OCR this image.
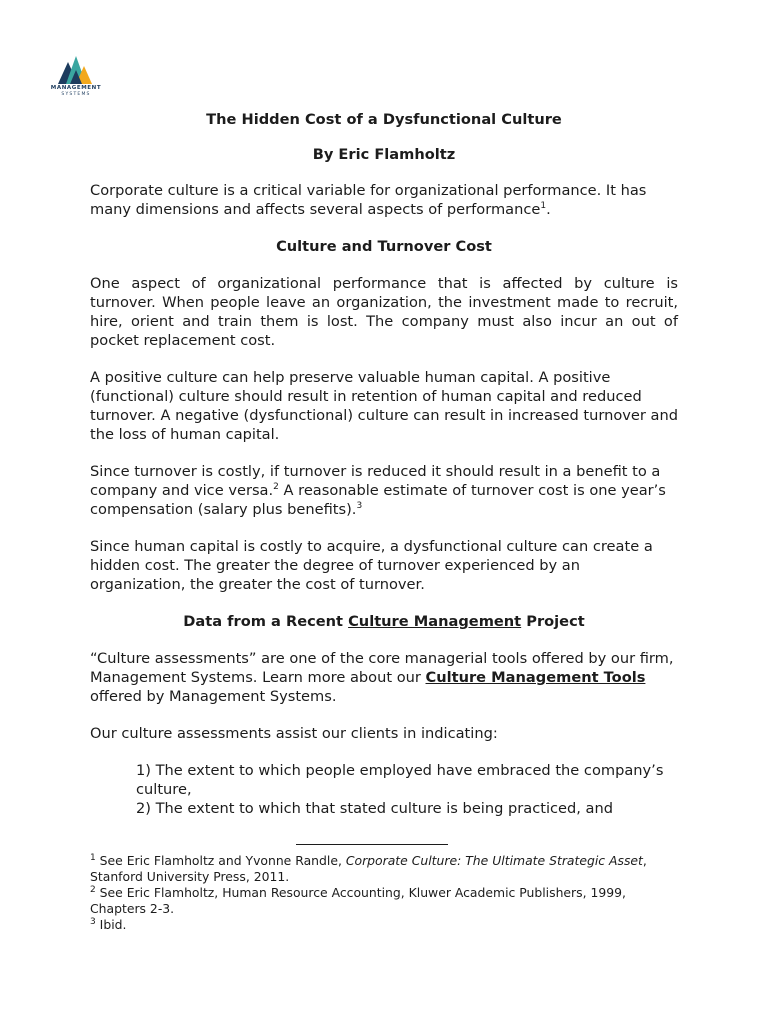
MANAGEMENT
SYSTEMS

The Hidden Cost of a Dysfunctional Culture

By Eric Flamholtz

Corporate culture is a critical variable for organizational performance. It has many dimensions and affects several aspects of performance$^1$.

Culture and Turnover Cost

One aspect of organizational performance that is affected by culture is turnover. When people leave an organization, the investment made to recruit, hire, orient and train them is lost. The company must also incur an out of pocket replacement cost.

A positive culture can help preserve valuable human capital. A positive (functional) culture should result in retention of human capital and reduced turnover. A negative (dysfunctional) culture can result in increased turnover and the loss of human capital.

Since turnover is costly, if turnover is reduced it should result in a benefit to a company and vice versa.$^2$ A reasonable estimate of turnover cost is one year’s compensation (salary plus benefits).$^3$

Since human capital is costly to acquire, a dysfunctional culture can create a hidden cost. The greater the degree of turnover experienced by an organization, the greater the cost of turnover.

Data from a Recent Culture Management Project

“Culture assessments” are one of the core managerial tools offered by our firm, Management Systems. Learn more about our Culture Management Tools offered by Management Systems.

Our culture assessments assist our clients in indicating:

1) The extent to which people employed have embraced the company’s culture,

2) The extent to which that stated culture is being practiced, and

$^1$ See Eric Flamholtz and Yvonne Randle, Corporate Culture: The Ultimate Strategic Asset, Stanford University Press, 2011.

$^2$ See Eric Flamholtz, Human Resource Accounting, Kluwer Academic Publishers, 1999, Chapters 2-3.

$^3$ Ibid.
